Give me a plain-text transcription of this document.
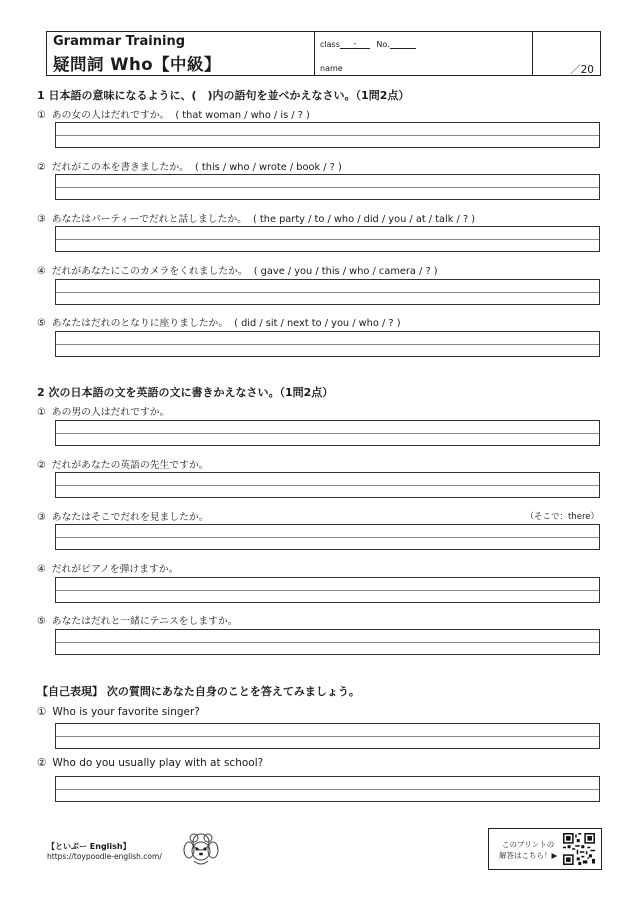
Grammar Training
疑問詞 Who【中級】
class -	No.
name	／20
1 日本語の意味になるように、(　)内の語句を並べかえなさい。（1問2点）
① あの女の人はだれですか。 ( that woman / who / is / ? )
② だれがこの本を書きましたか。 ( this / who / wrote / book / ? )
③ あなたはパーティーでだれと話しましたか。 ( the party / to / who / did / you / at / talk / ? )
④ だれがあなたにこのカメラをくれましたか。 ( gave / you / this / who / camera / ? )
⑤ あなたはだれのとなりに座りましたか。 ( did / sit / next to / you / who / ? )
2 次の日本語の文を英語の文に書きかえなさい。（1問2点）
① あの男の人はだれですか。
② だれがあなたの英語の先生ですか。
③ あなたはそこでだれを見ましたか。	（そこで：there）
④ だれがピアノを弾けますか。
⑤ あなたはだれと一緒にテニスをしますか。
【自己表現】 次の質問にあなた自身のことを答えてみましょう。
① Who is your favorite singer?
② Who do you usually play with at school?
【といぷー English】
https://toypoodle-english.com/
このプリントの
解答はこちら！▶
